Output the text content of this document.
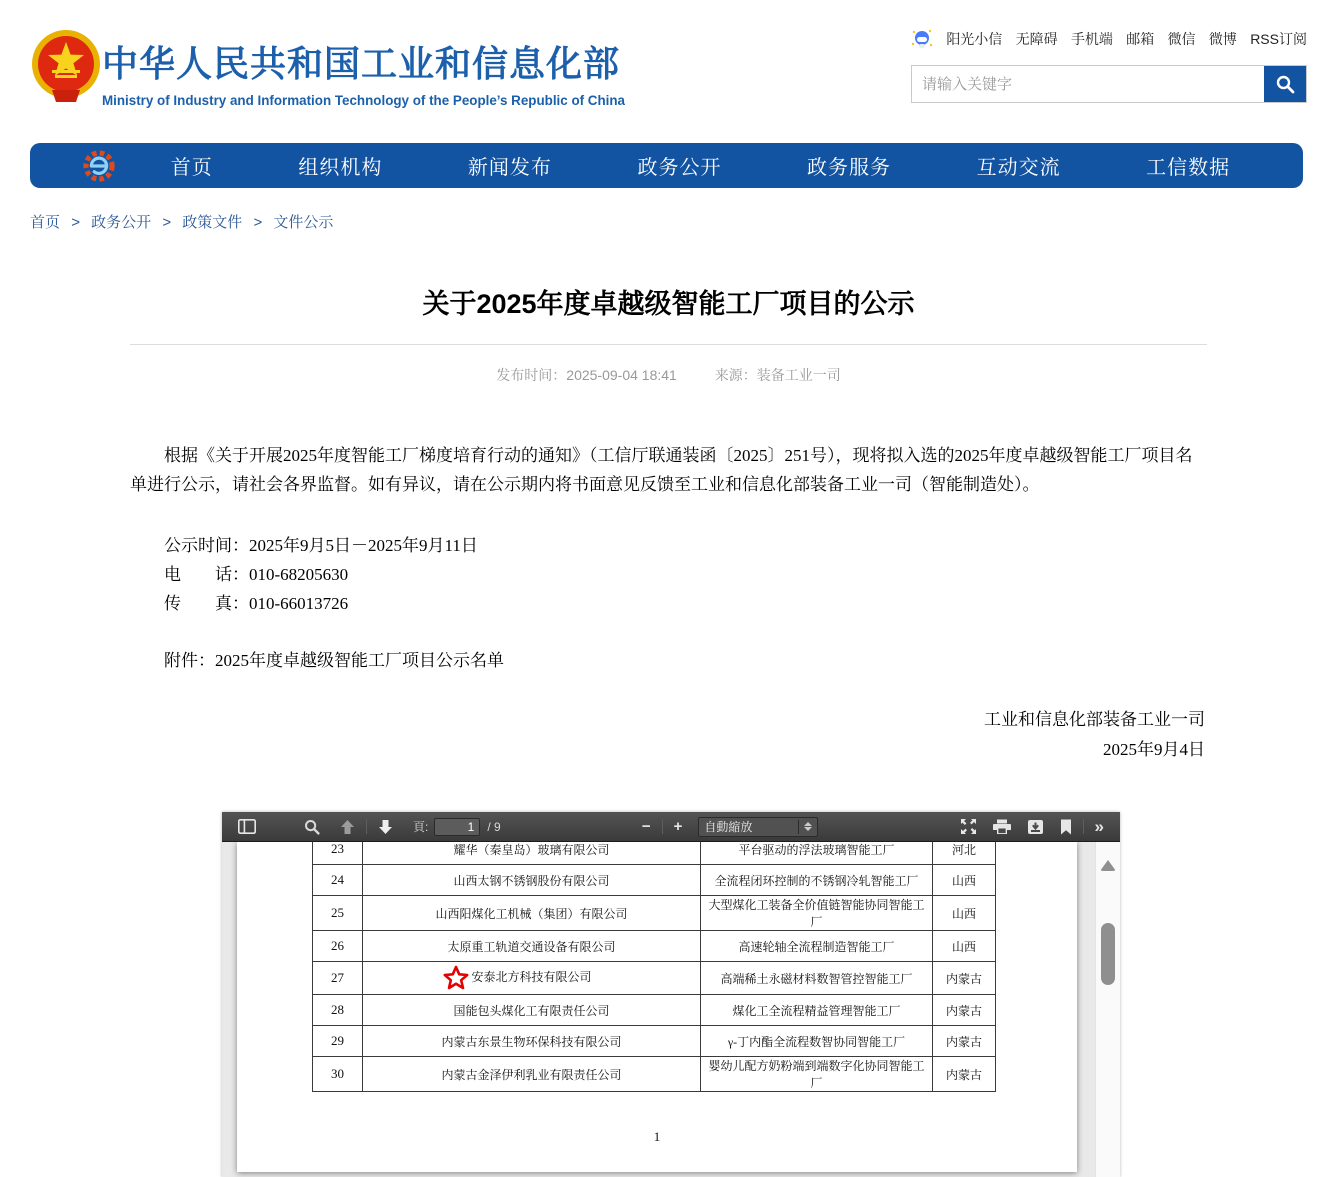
中华人民共和国工业和信息化部
Ministry of Industry and Information Technology of the People’s Republic of China
阳光小信 无障碍 手机端 邮箱 微信 微博 RSS订阅
请输入关键字
首页	组织机构	新闻发布	政务公开	政务服务	互动交流	工信数据
首页 > 政务公开 > 政策文件 > 文件公示
关于2025年度卓越级智能工厂项目的公示
发布时间：2025-09-04 18:41	来源：装备工业一司

根据《关于开展2025年度智能工厂梯度培育行动的通知》（工信厅联通装函〔2025〕251号），现将拟入选的2025年度卓越级智能工厂项目名单进行公示，请社会各界监督。如有异议，请在公示期内将书面意见反馈至工业和信息化部装备工业一司（智能制造处）。

公示时间：2025年9月5日－2025年9月11日

电　　话：010-68205630

传　　真：010-66013726

附件：2025年度卓越级智能工厂项目公示名单

工业和信息化部装备工业一司
2025年9月4日
頁:
1	/ 9	− +	自動縮放	»
23	耀华（秦皇岛）玻璃有限公司	平台驱动的浮法玻璃智能工厂	河北
24	山西太钢不锈钢股份有限公司	全流程闭环控制的不锈钢冷轧智能工厂	山西
25	山西阳煤化工机械（集团）有限公司	大型煤化工装备全价值链智能协同智能工厂	山西
26	太原重工轨道交通设备有限公司	高速轮轴全流程制造智能工厂	山西
27	安泰北方科技有限公司	高端稀土永磁材料数智管控智能工厂	内蒙古
28	国能包头煤化工有限责任公司	煤化工全流程精益管理智能工厂	内蒙古
29	内蒙古东景生物环保科技有限公司	γ-丁内酯全流程数智协同智能工厂	内蒙古
30	内蒙古金泽伊利乳业有限责任公司	婴幼儿配方奶粉端到端数字化协同智能工厂	内蒙古
1
